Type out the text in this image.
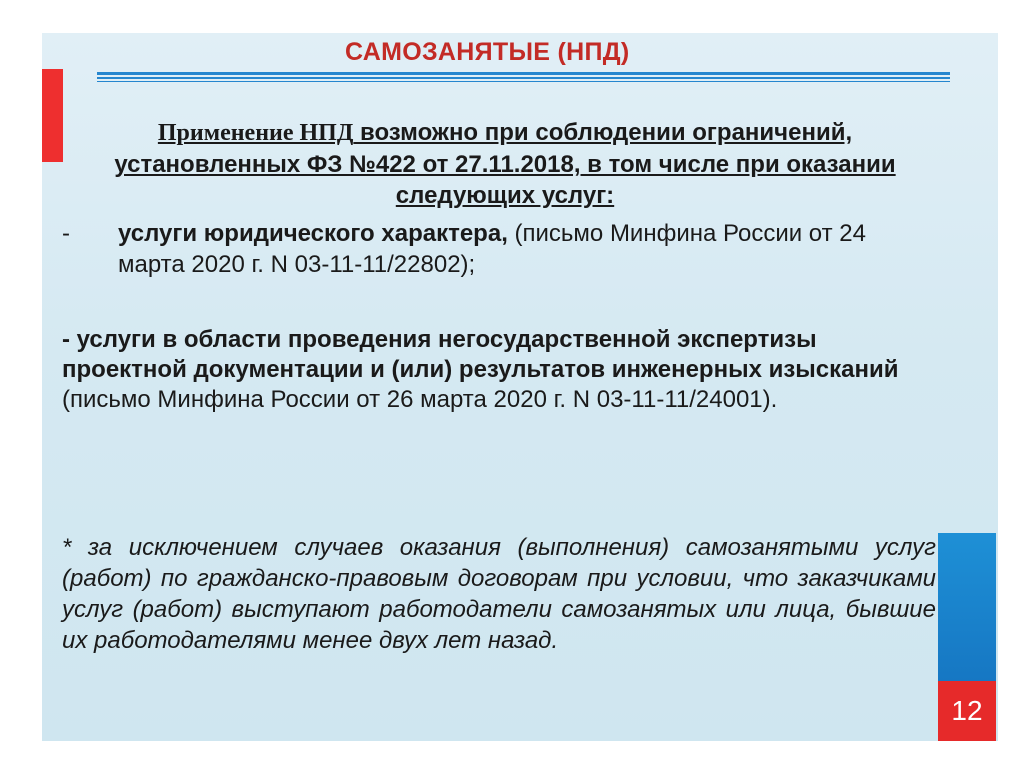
12
САМОЗАНЯТЫЕ (НПД)
Применение НПД возможно при соблюдении ограничений, установленных ФЗ №422 от 27.11.2018, в том числе при оказании следующих услуг:
- услуги юридического характера, (письмо Минфина России от 24 марта 2020 г. N 03-11-11/22802);
- услуги в области проведения негосударственной экспертизы проектной документации и (или) результатов инженерных изысканий (письмо Минфина России от 26 марта 2020 г. N 03-11-11/24001).
* за исключением случаев оказания (выполнения) самозанятыми услуг (работ) по гражданско-правовым договорам при условии, что заказчиками услуг (работ) выступают работодатели самозанятых или лица, бывшие их работодателями менее двух лет назад.
